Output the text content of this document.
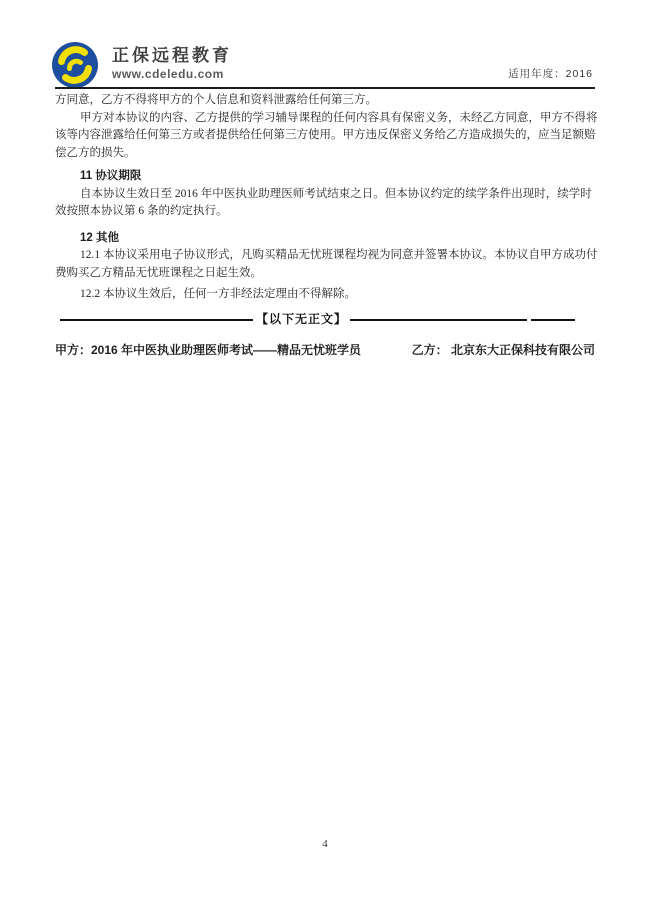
正保远程教育
www.cdeledu.com	适用年度：2016
方同意，乙方不得将甲方的个人信息和资料泄露给任何第三方。
甲方对本协议的内容、乙方提供的学习辅导课程的任何内容具有保密义务，未经乙方同意，甲方不得将
该等内容泄露给任何第三方或者提供给任何第三方使用。甲方违反保密义务给乙方造成损失的，应当足额赔
偿乙方的损失。
11 协议期限
自本协议生效日至 2016 年中医执业助理医师考试结束之日。但本协议约定的续学条件出现时，续学时
效按照本协议第 6 条的约定执行。
12 其他
12.1 本协议采用电子协议形式，凡购买精品无忧班课程均视为同意并签署本协议。本协议自甲方成功付
费购买乙方精品无忧班课程之日起生效。
12.2 本协议生效后，任何一方非经法定理由不得解除。
【以下无正文】
甲方：2016 年中医执业助理医师考试——精品无忧班学员	乙方： 北京东大正保科技有限公司
4
